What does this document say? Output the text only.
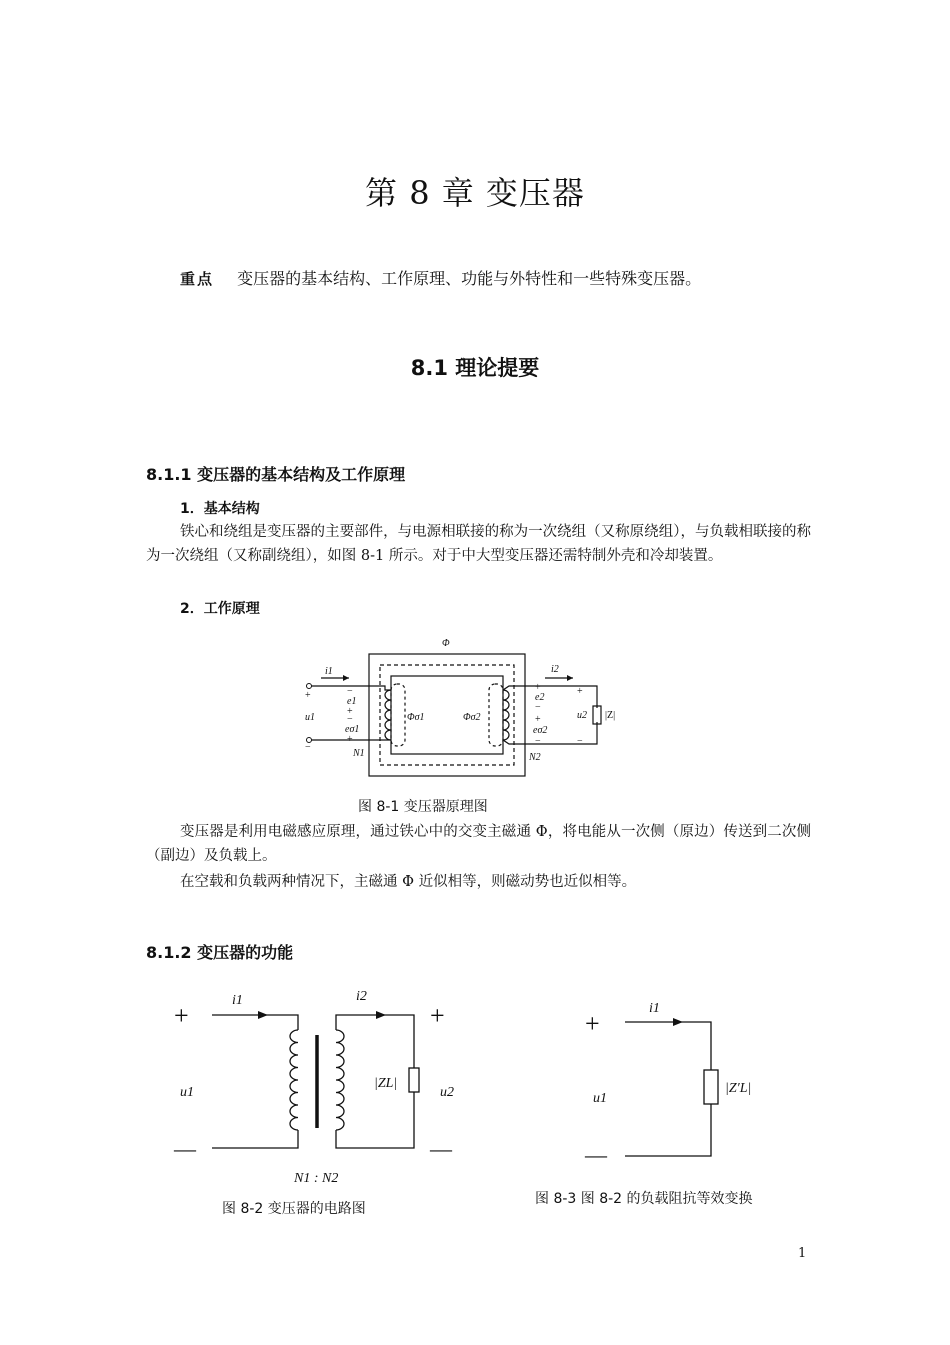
第 8 章 变压器
重点 变压器的基本结构、工作原理、功能与外特性和一些特殊变压器。
8.1 理论提要
8.1.1 变压器的基本结构及工作原理
1．基本结构
铁心和绕组是变压器的主要部件，与电源相联接的称为一次绕组（又称原绕组），与负载相联接的称为一次绕组（又称副绕组），如图 8-1 所示。对于中大型变压器还需特制外壳和冷却装置。
2．工作原理
Φ
i1	i2
+
u1
−
−
e1
+
−
eσ1
+
N1
Φσ1	Φσ2
+
e2
−
+
eσ2
−
N2
+
u2
−
|Z|
图 8-1 变压器原理图
变压器是利用电磁感应原理，通过铁心中的交变主磁通 Φ，将电能从一次侧（原边）传送到二次侧（副边）及负载上。
在空载和负载两种情况下，主磁通 Φ 近似相等，则磁动势也近似相等。
8.1.2 变压器的功能
+
—
+
—
i1	i2
u1	u2
|ZL|
N1 : N2
图 8-2 变压器的电路图
+
—
i1
u1
|Z′L|
图 8-3 图 8-2 的负载阻抗等效变换
1
